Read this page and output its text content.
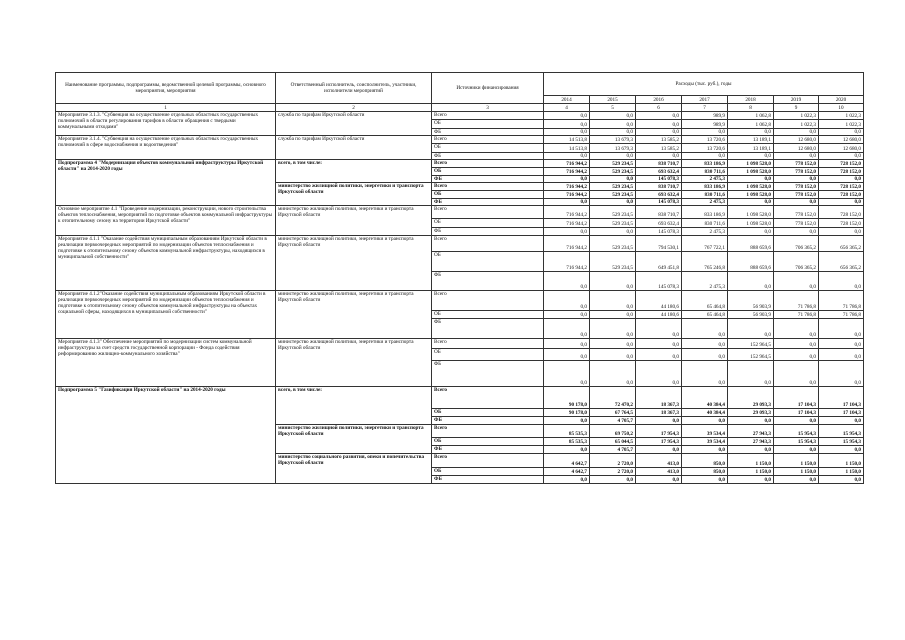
Наименование программы, подпрограммы, ведомственной целевой программы, основного мероприятия, мероприятия	Ответственный исполнитель, соисполнитель, участники, исполнители мероприятий	Источники финансирования	Расходы (тыс. руб.), годы						
			2014	2015	2016	2017	2018	2019	2020
1	2	3	4	5	6	7	8	9	10
Мероприятие 3.1.3. "Субвенция на осуществление отдельных областных государственных полномочий в области регулирования тарифов в области обращения с твердыми коммунальными отходами"	служба по тарифам Иркутской области	Всего	0,0	0,0	0,0	989,9	1 062,8	1 022,3	1 022,3
		ОБ	0,0	0,0	0,0	989,9	1 062,8	1 022,3	1 022,3
		ФБ	0,0	0,0	0,0	0,0	0,0	0,0	0,0
Мероприятие 3.1.4. "Субвенция на осуществление отдельных областных государственных полномочий в сфере водоснабжения и водоотведения"	служба по тарифам Иркутской области	Всего	14 513,8	13 679,3	13 585,2	13 720,6	13 189,1	12 680,0	12 680,0
		ОБ	14 513,8	13 679,3	13 585,2	13 720,6	13 189,1	12 680,0	12 680,0
		ФБ	0,0	0,0	0,0	0,0	0,0	0,0	0,0
Подпрограмма 4 "Модернизация объектов коммунальной инфраструктуры Иркутской области" на 2014-2020 годы	всего, в том числе:	Всего	716 944,2	529 234,5	838 710,7	833 186,9	1 098 528,0	778 152,0	728 152,0
		ОБ	716 944,2	529 234,5	693 632,4	830 711,6	1 098 528,0	778 152,0	728 152,0
		ФБ	0,0	0,0	145 078,3	2 475,3	0,0	0,0	0,0
	министерство жилищной политики, энергетики и транспорта Иркутской области	Всего	716 944,2	529 234,5	838 710,7	833 186,9	1 098 528,0	778 152,0	728 152,0
		ОБ	716 944,2	529 234,5	693 632,4	830 711,6	1 098 528,0	778 152,0	728 152,0
		ФБ	0,0	0,0	145 078,3	2 475,3	0,0	0,0	0,0
Основное мероприятие 4.1 "Проведение модернизации, реконструкции, нового строительства объектов теплоснабжения, мероприятий по подготовке объектов коммунальной инфраструктуры к отопительному сезону на территории Иркутской области"	министерство жилищной политики, энергетики и транспорта Иркутской области	Всего	716 944,2	529 234,5	838 710,7	833 186,9	1 098 528,0	778 152,0	728 152,0
		ОБ	716 944,2	529 234,5	693 632,4	830 711,6	1 098 528,0	778 152,0	728 152,0
		ФБ	0,0	0,0	145 078,3	2 475,3	0,0	0,0	0,0
Мероприятие 4.1.1 "Оказание содействия муниципальным образованиям Иркутской области в реализации первоочередных мероприятий по модернизации объектов теплоснабжения и подготовке к отопительному сезону объектов коммунальной инфраструктуры, находящихся в муниципальной собственности"	министерство жилищной политики, энергетики и транспорта Иркутской области	Всего	716 944,2	529 234,5	794 530,1	767 722,1	888 659,6	706 365,2	656 365,2
		ОБ	716 944,2	529 234,5	649 451,8	765 246,8	888 659,6	706 365,2	656 365,2
		ФБ	0,0	0,0	145 078,3	2 475,3	0,0	0,0	0,0
Мероприятие 4.1.2"Оказание содействия муниципальным образованиям Иркутской области в реализации первоочередных мероприятий по модернизации объектов теплоснабжения и подготовке к отопительному сезону объектов коммунальной инфраструктуры на объектах социальной сферы, находящихся в муниципальной собственности"	министерство жилищной политики, энергетики и транспорта Иркутской области	Всего	0,0	0,0	44 180,6	65 464,8	56 903,9	71 786,8	71 786,8
		ОБ	0,0	0,0	44 180,6	65 464,8	56 903,9	71 786,8	71 786,8
		ФБ	0,0	0,0	0,0	0,0	0,0	0,0	0,0
Мероприятие 4.1.3" Обеспечение мероприятий по модернизации систем коммунальной инфраструктуры за счет средств государственной корпорации - Фонда содействия реформированию жилищно-коммунального хозяйства"	министерство жилищной политики, энергетики и транспорта Иркутской области	Всего	0,0	0,0	0,0	0,0	152 964,5	0,0	0,0
		ОБ	0,0	0,0	0,0	0,0	152 964,5	0,0	0,0
		ФБ	0,0	0,0	0,0	0,0	0,0	0,0	0,0
Подпрограмма 5 "Газификация Иркутской области" на 2014-2020 годы	всего, в том числе:	Всего	90 178,0	72 470,2	18 367,3	40 384,4	29 093,3	17 104,3	17 104,3
		ОБ	90 178,0	67 764,5	18 367,3	40 384,4	29 093,3	17 104,3	17 104,3
		ФБ	0,0	4 705,7	0,0	0,0	0,0	0,0	0,0
	министерство жилищной политики, энергетики и транспорта Иркутской области	Всего	85 535,3	69 750,2	17 954,3	39 534,4	27 943,3	15 954,3	15 954,3
		ОБ	85 535,3	65 044,5	17 954,3	39 534,4	27 943,3	15 954,3	15 954,3
		ФБ	0,0	4 705,7	0,0	0,0	0,0	0,0	0,0
	министерство социального развития, опеки и попечительства Иркутской области	Всего	4 642,7	2 720,0	413,0	850,0	1 150,0	1 150,0	1 150,0
		ОБ	4 642,7	2 720,0	413,0	850,0	1 150,0	1 150,0	1 150,0
		ФБ	0,0	0,0	0,0	0,0	0,0	0,0	0,0
